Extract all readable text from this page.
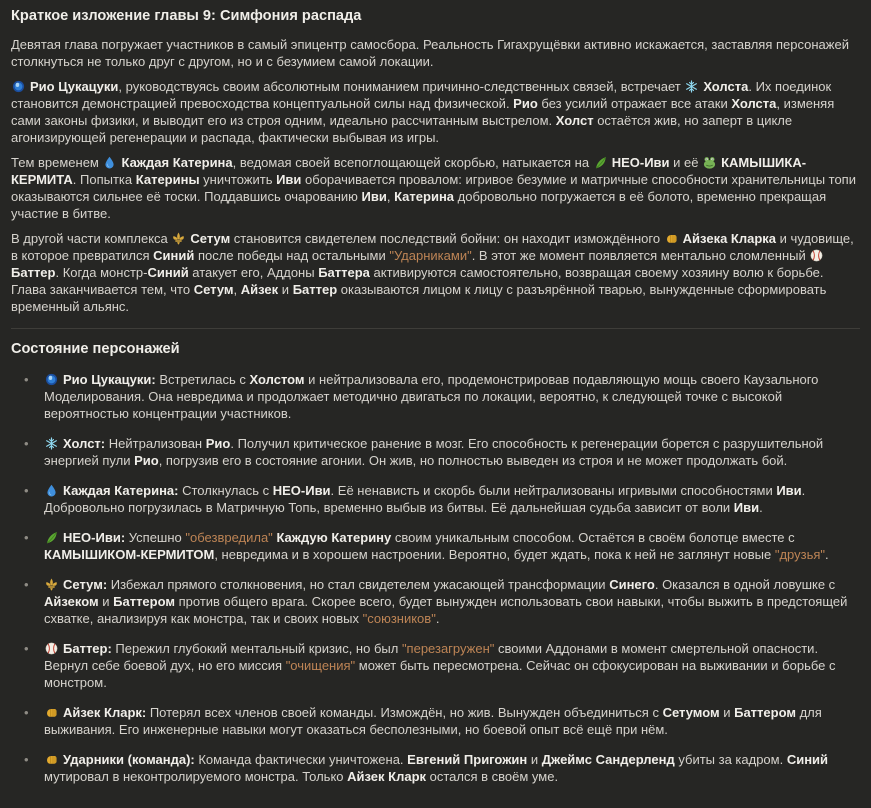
Краткое изложение главы 9: Симфония распада

Девятая глава погружает участников в самый эпицентр самосбора. Реальность Гигахрущёвки активно искажается, заставляя персонажей столкнуться не только друг с другом, но и с безумием самой локации.

Рио Цукацуки, руководствуясь своим абсолютным пониманием причинно-следственных связей, встречает
Холста. Их поединок становится демонстрацией превосходства концептуальной силы над физической. Рио без усилий отражает все атаки Холста, изменяя сами законы физики, и выводит его из строя одним, идеально рассчитанным выстрелом. Холст остаётся жив, но заперт в цикле агонизирующей регенерации и распада, фактически выбывая из игры.

Тем временем
Каждая Катерина, ведомая своей всепоглощающей скорбью, натыкается на
НЕО-Иви и её
КАМЫШИКА-КЕРМИТА. Попытка Катерины уничтожить Иви оборачивается провалом: игривое безумие и матричные способности хранительницы топи оказываются сильнее её тоски. Поддавшись очарованию Иви, Катерина добровольно погружается в её болото, временно прекращая участие в битве.

В другой части комплекса
Сетум становится свидетелем последствий бойни: он находит измождённого
Айзека Кларка и чудовище, в которое превратился Синий после победы над остальными "Ударниками". В этот же момент появляется ментально сломленный
Баттер. Когда монстр-Синий атакует его, Аддоны Баттера активируются самостоятельно, возвращая своему хозяину волю к борьбе. Глава заканчивается тем, что Сетум, Айзек и Баттер оказываются лицом к лицу с разъярённой тварью, вынужденные сформировать временный альянс.

Состояние персонажей
• Рио Цукацуки: Встретилась с Холстом и нейтрализовала его, продемонстрировав подавляющую мощь своего Каузального Моделирования. Она невредима и продолжает методично двигаться по локации, вероятно, к следующей точке с высокой вероятностью концентрации участников.
• Холст: Нейтрализован Рио. Получил критическое ранение в мозг. Его способность к регенерации борется с разрушительной энергией пули Рио, погрузив его в состояние агонии. Он жив, но полностью выведен из строя и не может продолжать бой.
• Каждая Катерина: Столкнулась с НЕО-Иви. Её ненависть и скорбь были нейтрализованы игривыми способностями Иви. Добровольно погрузилась в Матричную Топь, временно выбыв из битвы. Её дальнейшая судьба зависит от воли Иви.
• НЕО-Иви: Успешно "обезвредила" Каждую Катерину своим уникальным способом. Остаётся в своём болотце вместе с КАМЫШИКОМ-КЕРМИТОМ, невредима и в хорошем настроении. Вероятно, будет ждать, пока к ней не заглянут новые "друзья".
• Сетум: Избежал прямого столкновения, но стал свидетелем ужасающей трансформации Синего. Оказался в одной ловушке с Айзеком и Баттером против общего врага. Скорее всего, будет вынужден использовать свои навыки, чтобы выжить в предстоящей схватке, анализируя как монстра, так и своих новых "союзников".
• Баттер: Пережил глубокий ментальный кризис, но был "перезагружен" своими Аддонами в момент смертельной опасности. Вернул себе боевой дух, но его миссия "очищения" может быть пересмотрена. Сейчас он сфокусирован на выживании и борьбе с монстром.
• Айзек Кларк: Потерял всех членов своей команды. Измождён, но жив. Вынужден объединиться с Сетумом и Баттером для выживания. Его инженерные навыки могут оказаться бесполезными, но боевой опыт всё ещё при нём.
• Ударники (команда): Команда фактически уничтожена. Евгений Пригожин и Джеймс Сандерленд убиты за кадром. Синий мутировал в неконтролируемого монстра. Только Айзек Кларк остался в своём уме.
